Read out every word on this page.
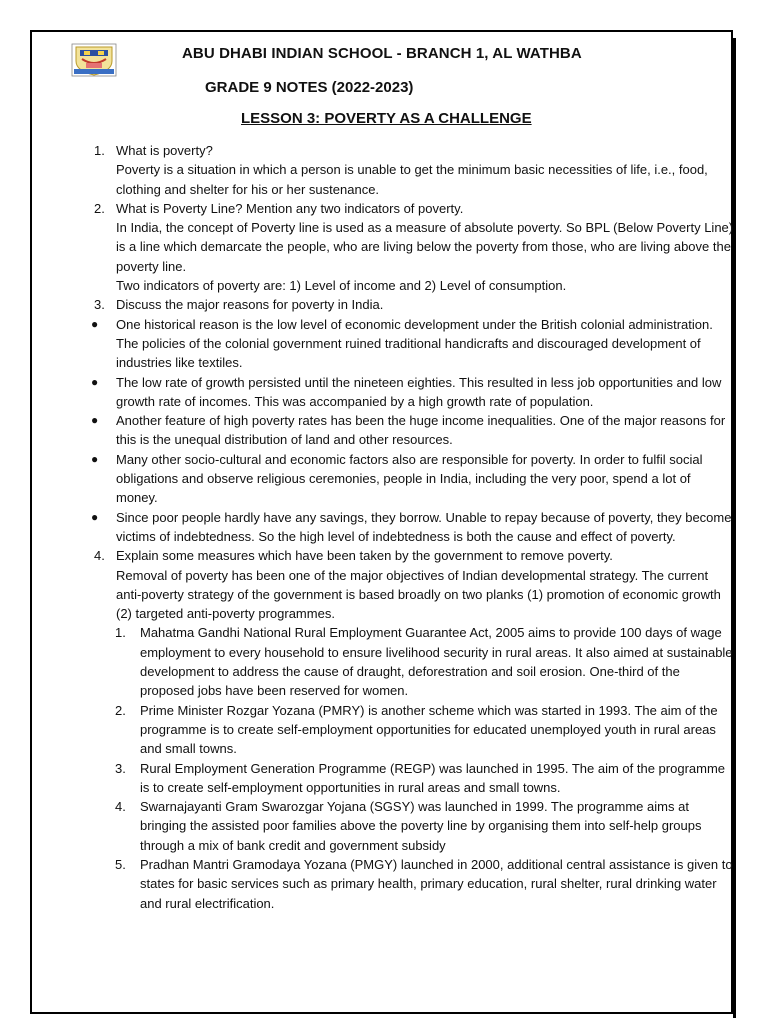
ABU DHABI INDIAN SCHOOL - BRANCH 1, AL WATHBA
GRADE 9 NOTES (2022-2023)
LESSON 3: POVERTY AS A CHALLENGE
1. What is poverty?

Poverty is a situation in which a person is unable to get the minimum basic necessities of life, i.e., food, clothing and shelter for his or her sustenance.

2. What is Poverty Line? Mention any two indicators of poverty.

In India, the concept of Poverty line is used as a measure of absolute poverty. So BPL (Below Poverty Line) is a line which demarcate the people, who are living below the poverty from those, who are living above the poverty line.

Two indicators of poverty are: 1) Level of income and 2) Level of consumption.

3. Discuss the major reasons for poverty in India.

● One historical reason is the low level of economic development under the British colonial administration. The policies of the colonial government ruined traditional handicrafts and discouraged development of industries like textiles.

● The low rate of growth persisted until the nineteen eighties. This resulted in less job opportunities and low growth rate of incomes. This was accompanied by a high growth rate of population.

● Another feature of high poverty rates has been the huge income inequalities. One of the major reasons for this is the unequal distribution of land and other resources.

● Many other socio-cultural and economic factors also are responsible for poverty. In order to fulfil social obligations and observe religious ceremonies, people in India, including the very poor, spend a lot of money.

● Since poor people hardly have any savings, they borrow. Unable to repay because of poverty, they become victims of indebtedness. So the high level of indebtedness is both the cause and effect of poverty.

4. Explain some measures which have been taken by the government to remove poverty.

Removal of poverty has been one of the major objectives of Indian developmental strategy. The current anti-poverty strategy of the government is based broadly on two planks (1) promotion of economic growth (2) targeted anti-poverty programmes.

1. Mahatma Gandhi National Rural Employment Guarantee Act, 2005 aims to provide 100 days of wage employment to every household to ensure livelihood security in rural areas. It also aimed at sustainable development to address the cause of draught, deforestration and soil erosion. One-third of the proposed jobs have been reserved for women.

2. Prime Minister Rozgar Yozana (PMRY) is another scheme which was started in 1993. The aim of the programme is to create self-employment opportunities for educated unemployed youth in rural areas and small towns.

3. Rural Employment Generation Programme (REGP) was launched in 1995. The aim of the programme is to create self-employment opportunities in rural areas and small towns.

4. Swarnajayanti Gram Swarozgar Yojana (SGSY) was launched in 1999. The programme aims at bringing the assisted poor families above the poverty line by organising them into self-help groups through a mix of bank credit and government subsidy

5. Pradhan Mantri Gramodaya Yozana (PMGY) launched in 2000, additional central assistance is given to states for basic services such as primary health, primary education, rural shelter, rural drinking water and rural electrification.
